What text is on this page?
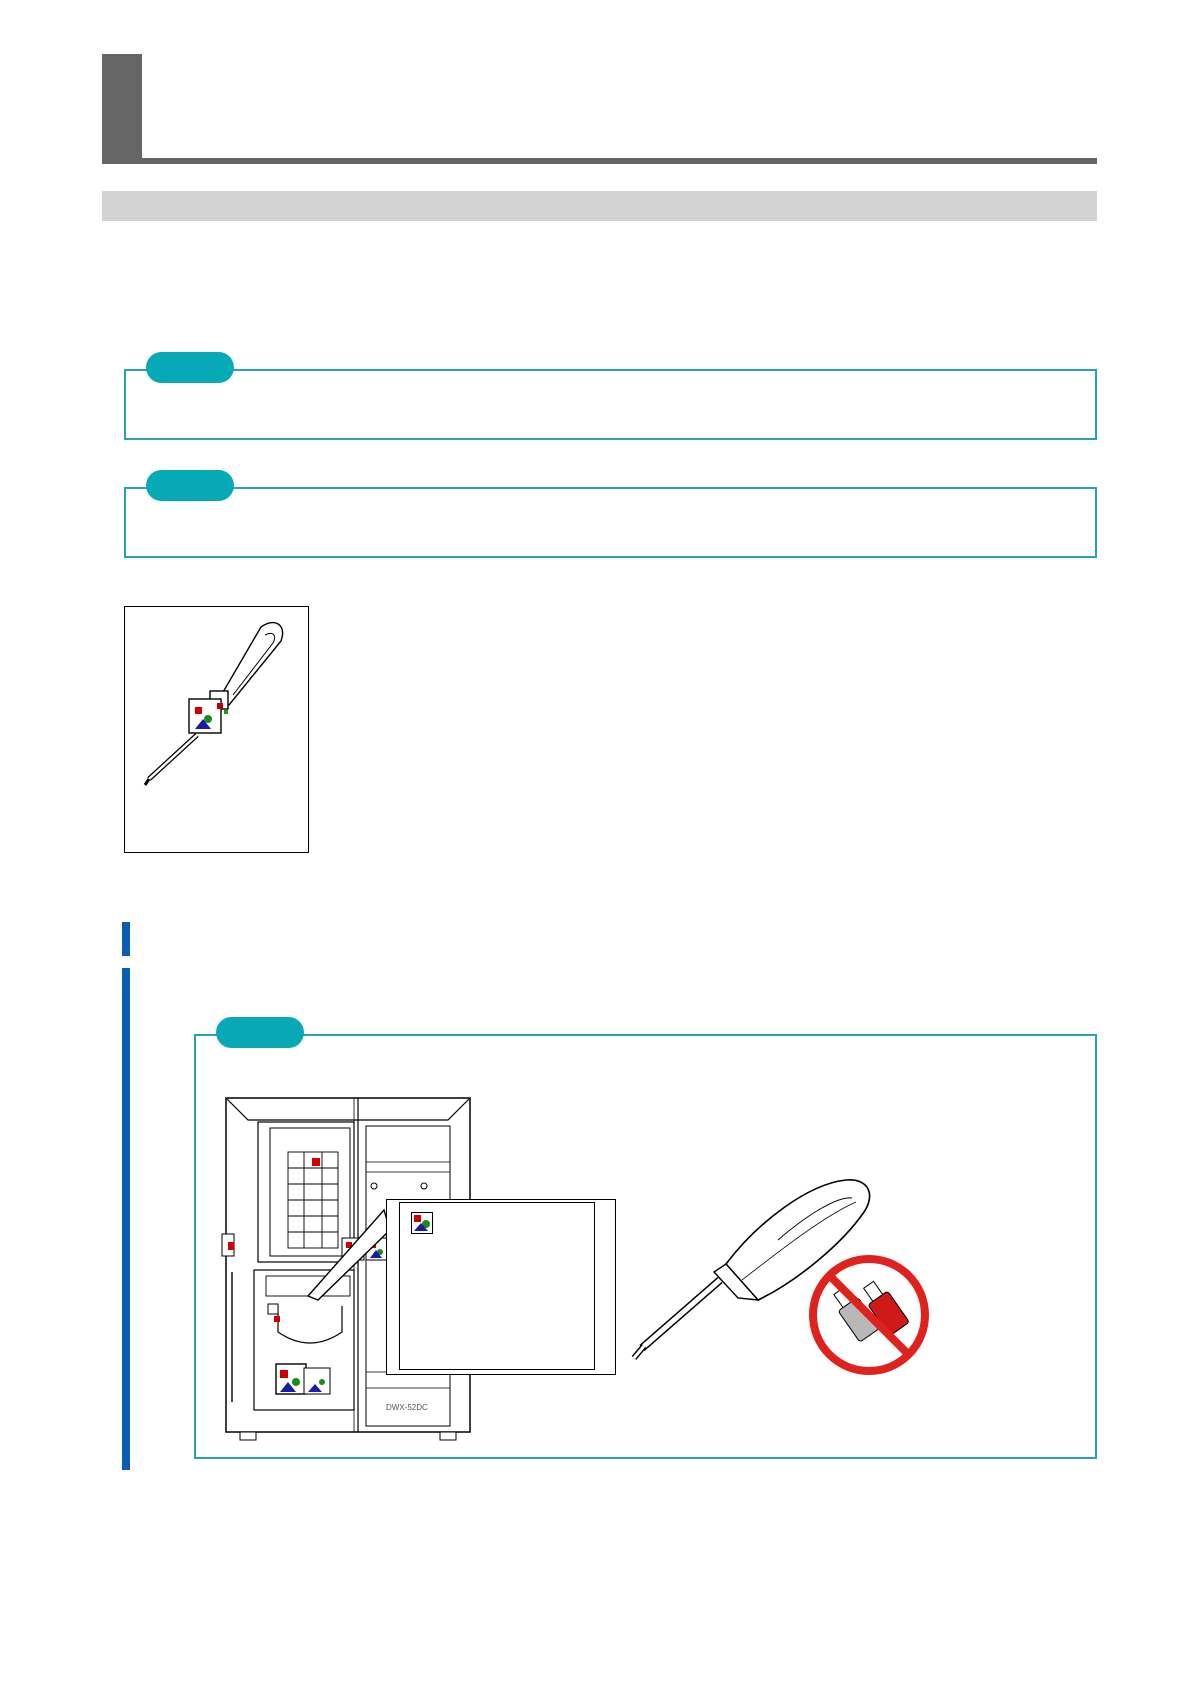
DWX-52DC
